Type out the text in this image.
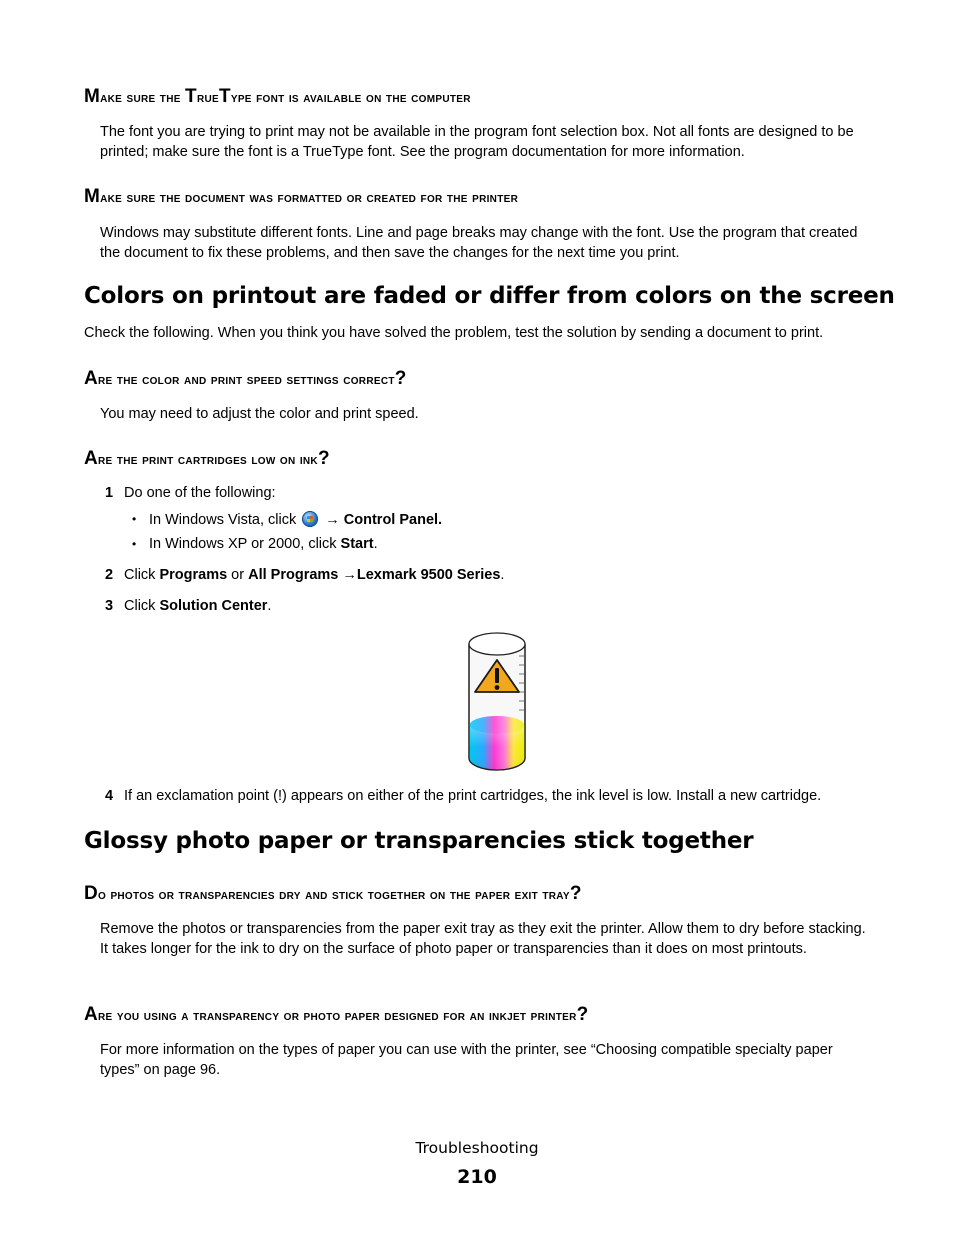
Make sure the TrueType font is available on the computer

The font you are trying to print may not be available in the program font selection box. Not all fonts are designed to be printed; make sure the font is a TrueType font. See the program documentation for more information.

Make sure the document was formatted or created for the printer

Windows may substitute different fonts. Line and page breaks may change with the font. Use the program that created the document to fix these problems, and then save the changes for the next time you print.

Colors on printout are faded or differ from colors on the screen

Check the following. When you think you have solved the problem, test the solution by sending a document to print.

Are the color and print speed settings correct?

You may need to adjust the color and print speed.

Are the print cartridges low on ink?
1 Do one of the following:
• In Windows Vista, click  → Control Panel.
• In Windows XP or 2000, click Start.
2 Click Programs or All Programs →Lexmark 9500 Series.
3 Click Solution Center.
4 If an exclamation point (!) appears on either of the print cartridges, the ink level is low. Install a new cartridge.
Glossy photo paper or transparencies stick together
Do photos or transparencies dry and stick together on the paper exit tray?

Remove the photos or transparencies from the paper exit tray as they exit the printer. Allow them to dry before stacking. It takes longer for the ink to dry on the surface of photo paper or transparencies than it does on most printouts.

Are you using a transparency or photo paper designed for an inkjet printer?

For more information on the types of paper you can use with the printer, see “Choosing compatible specialty paper types” on page 96.

Troubleshooting
210
